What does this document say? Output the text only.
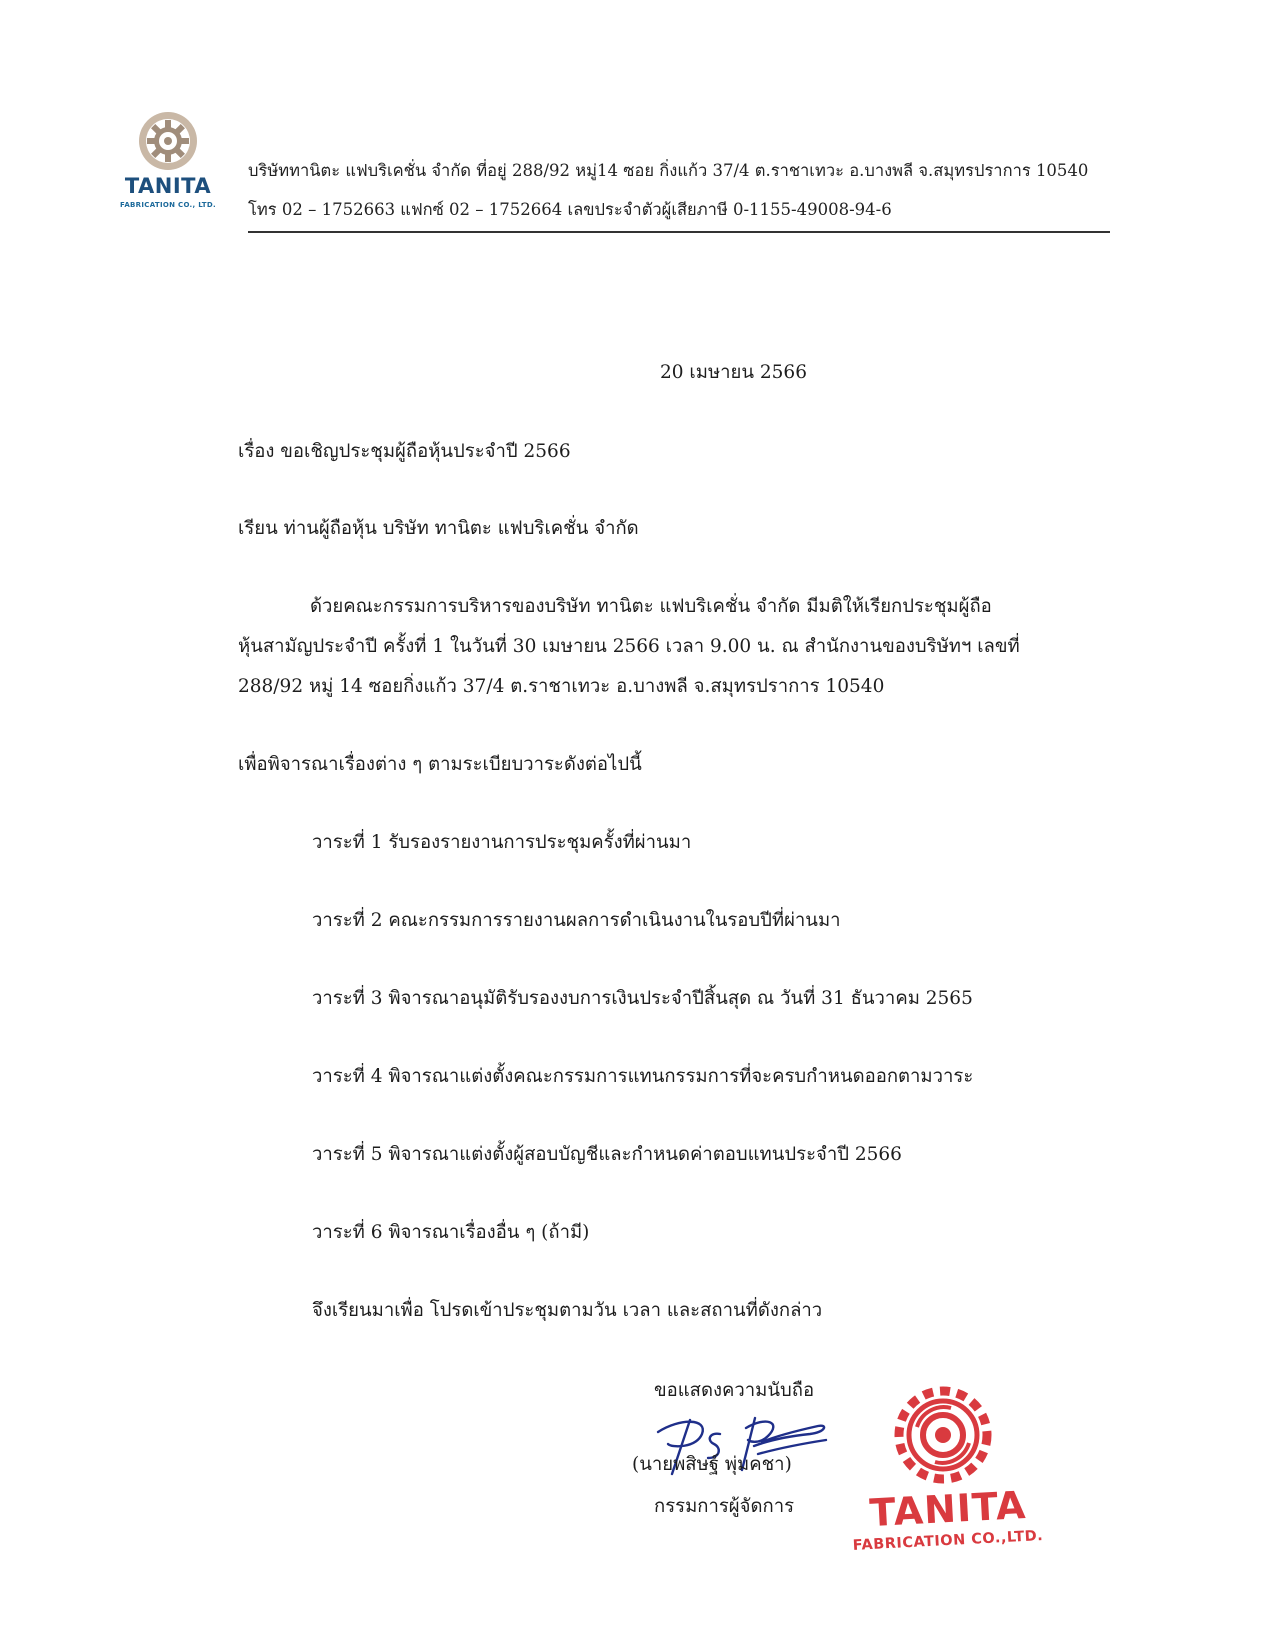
TANITA
FABRICATION CO., LTD.
บริษัททานิตะ แฟบริเคชั่น จำกัด ที่อยู่ 288/92 หมู่14 ซอย กิ่งแก้ว 37/4 ต.ราชาเทวะ อ.บางพลี จ.สมุทรปราการ 10540
โทร 02 – 1752663 แฟกซ์ 02 – 1752664 เลขประจำตัวผู้เสียภาษี 0-1155-49008-94-6
20 เมษายน 2566
เรื่อง ขอเชิญประชุมผู้ถือหุ้นประจำปี 2566
เรียน ท่านผู้ถือหุ้น บริษัท ทานิตะ แฟบริเคชั่น จำกัด
ด้วยคณะกรรมการบริหารของบริษัท ทานิตะ แฟบริเคชั่น จำกัด มีมติให้เรียกประชุมผู้ถือ
หุ้นสามัญประจำปี ครั้งที่ 1 ในวันที่ 30 เมษายน 2566 เวลา 9.00 น. ณ สำนักงานของบริษัทฯ เลขที่
288/92 หมู่ 14 ซอยกิ่งแก้ว 37/4 ต.ราชาเทวะ อ.บางพลี จ.สมุทรปราการ 10540
เพื่อพิจารณาเรื่องต่าง ๆ ตามระเบียบวาระดังต่อไปนี้
วาระที่ 1 รับรองรายงานการประชุมครั้งที่ผ่านมา
วาระที่ 2 คณะกรรมการรายงานผลการดำเนินงานในรอบปีที่ผ่านมา
วาระที่ 3 พิจารณาอนุมัติรับรองงบการเงินประจำปีสิ้นสุด ณ วันที่ 31 ธันวาคม 2565
วาระที่ 4 พิจารณาแต่งตั้งคณะกรรมการแทนกรรมการที่จะครบกำหนดออกตามวาระ
วาระที่ 5 พิจารณาแต่งตั้งผู้สอบบัญชีและกำหนดค่าตอบแทนประจำปี 2566
วาระที่ 6 พิจารณาเรื่องอื่น ๆ (ถ้ามี)
จึงเรียนมาเพื่อ โปรดเข้าประชุมตามวัน เวลา และสถานที่ดังกล่าว
ขอแสดงความนับถือ
TANITA
FABRICATION CO.,LTD.
(นายพสิษฐ์ พุ่มคชา)
กรรมการผู้จัดการ
